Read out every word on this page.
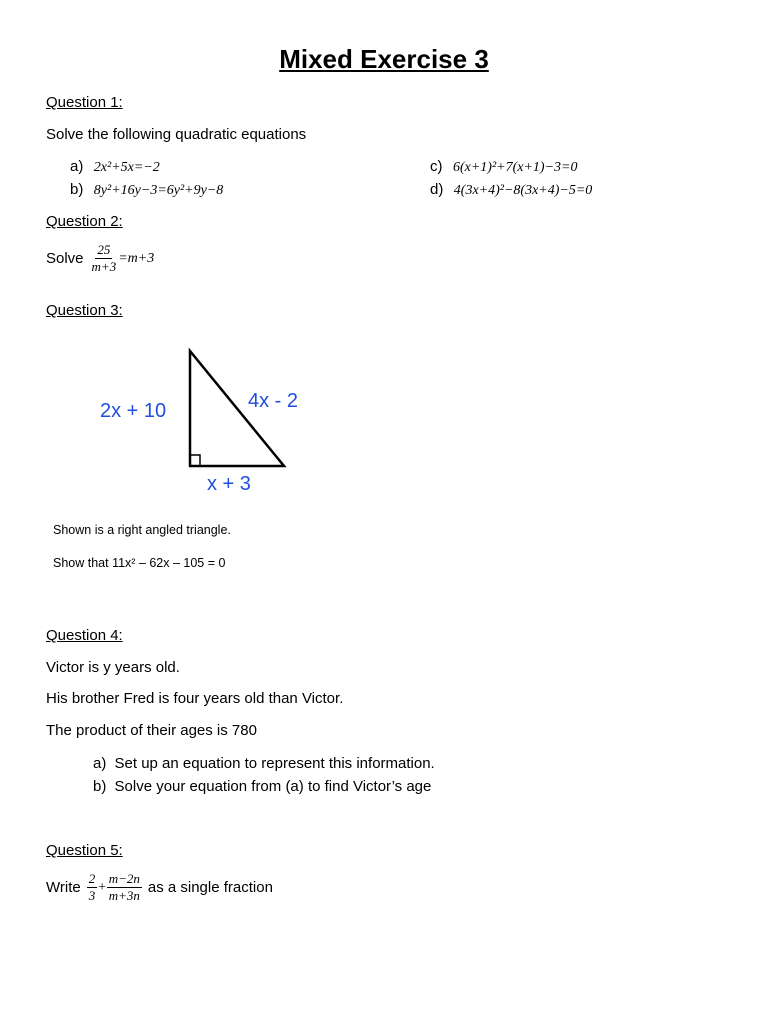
Mixed Exercise 3
Question 1:
Solve the following quadratic equations
a) 2x²+5x=−2
b) 8y²+16y−3=6y²+9y−8
c) 6(x+1)²+7(x+1)−3=0
d) 4(3x+4)²−8(3x+4)−5=0
Question 2:
Solve $\frac{25}{m+3} =m+3$
Question 3:
2x + 10	4x - 2
x + 3
Shown is a right angled triangle.
Show that 11x² – 62x – 105 = 0
Question 4:
Victor is y years old.
His brother Fred is four years old than Victor.
The product of their ages is 780
a) Set up an equation to represent this information.
b) Solve your equation from (a) to find Victor’s age
Question 5:
Write $\frac{2}{3} + \frac{m-2n}{m+3n}$ as a single fraction
